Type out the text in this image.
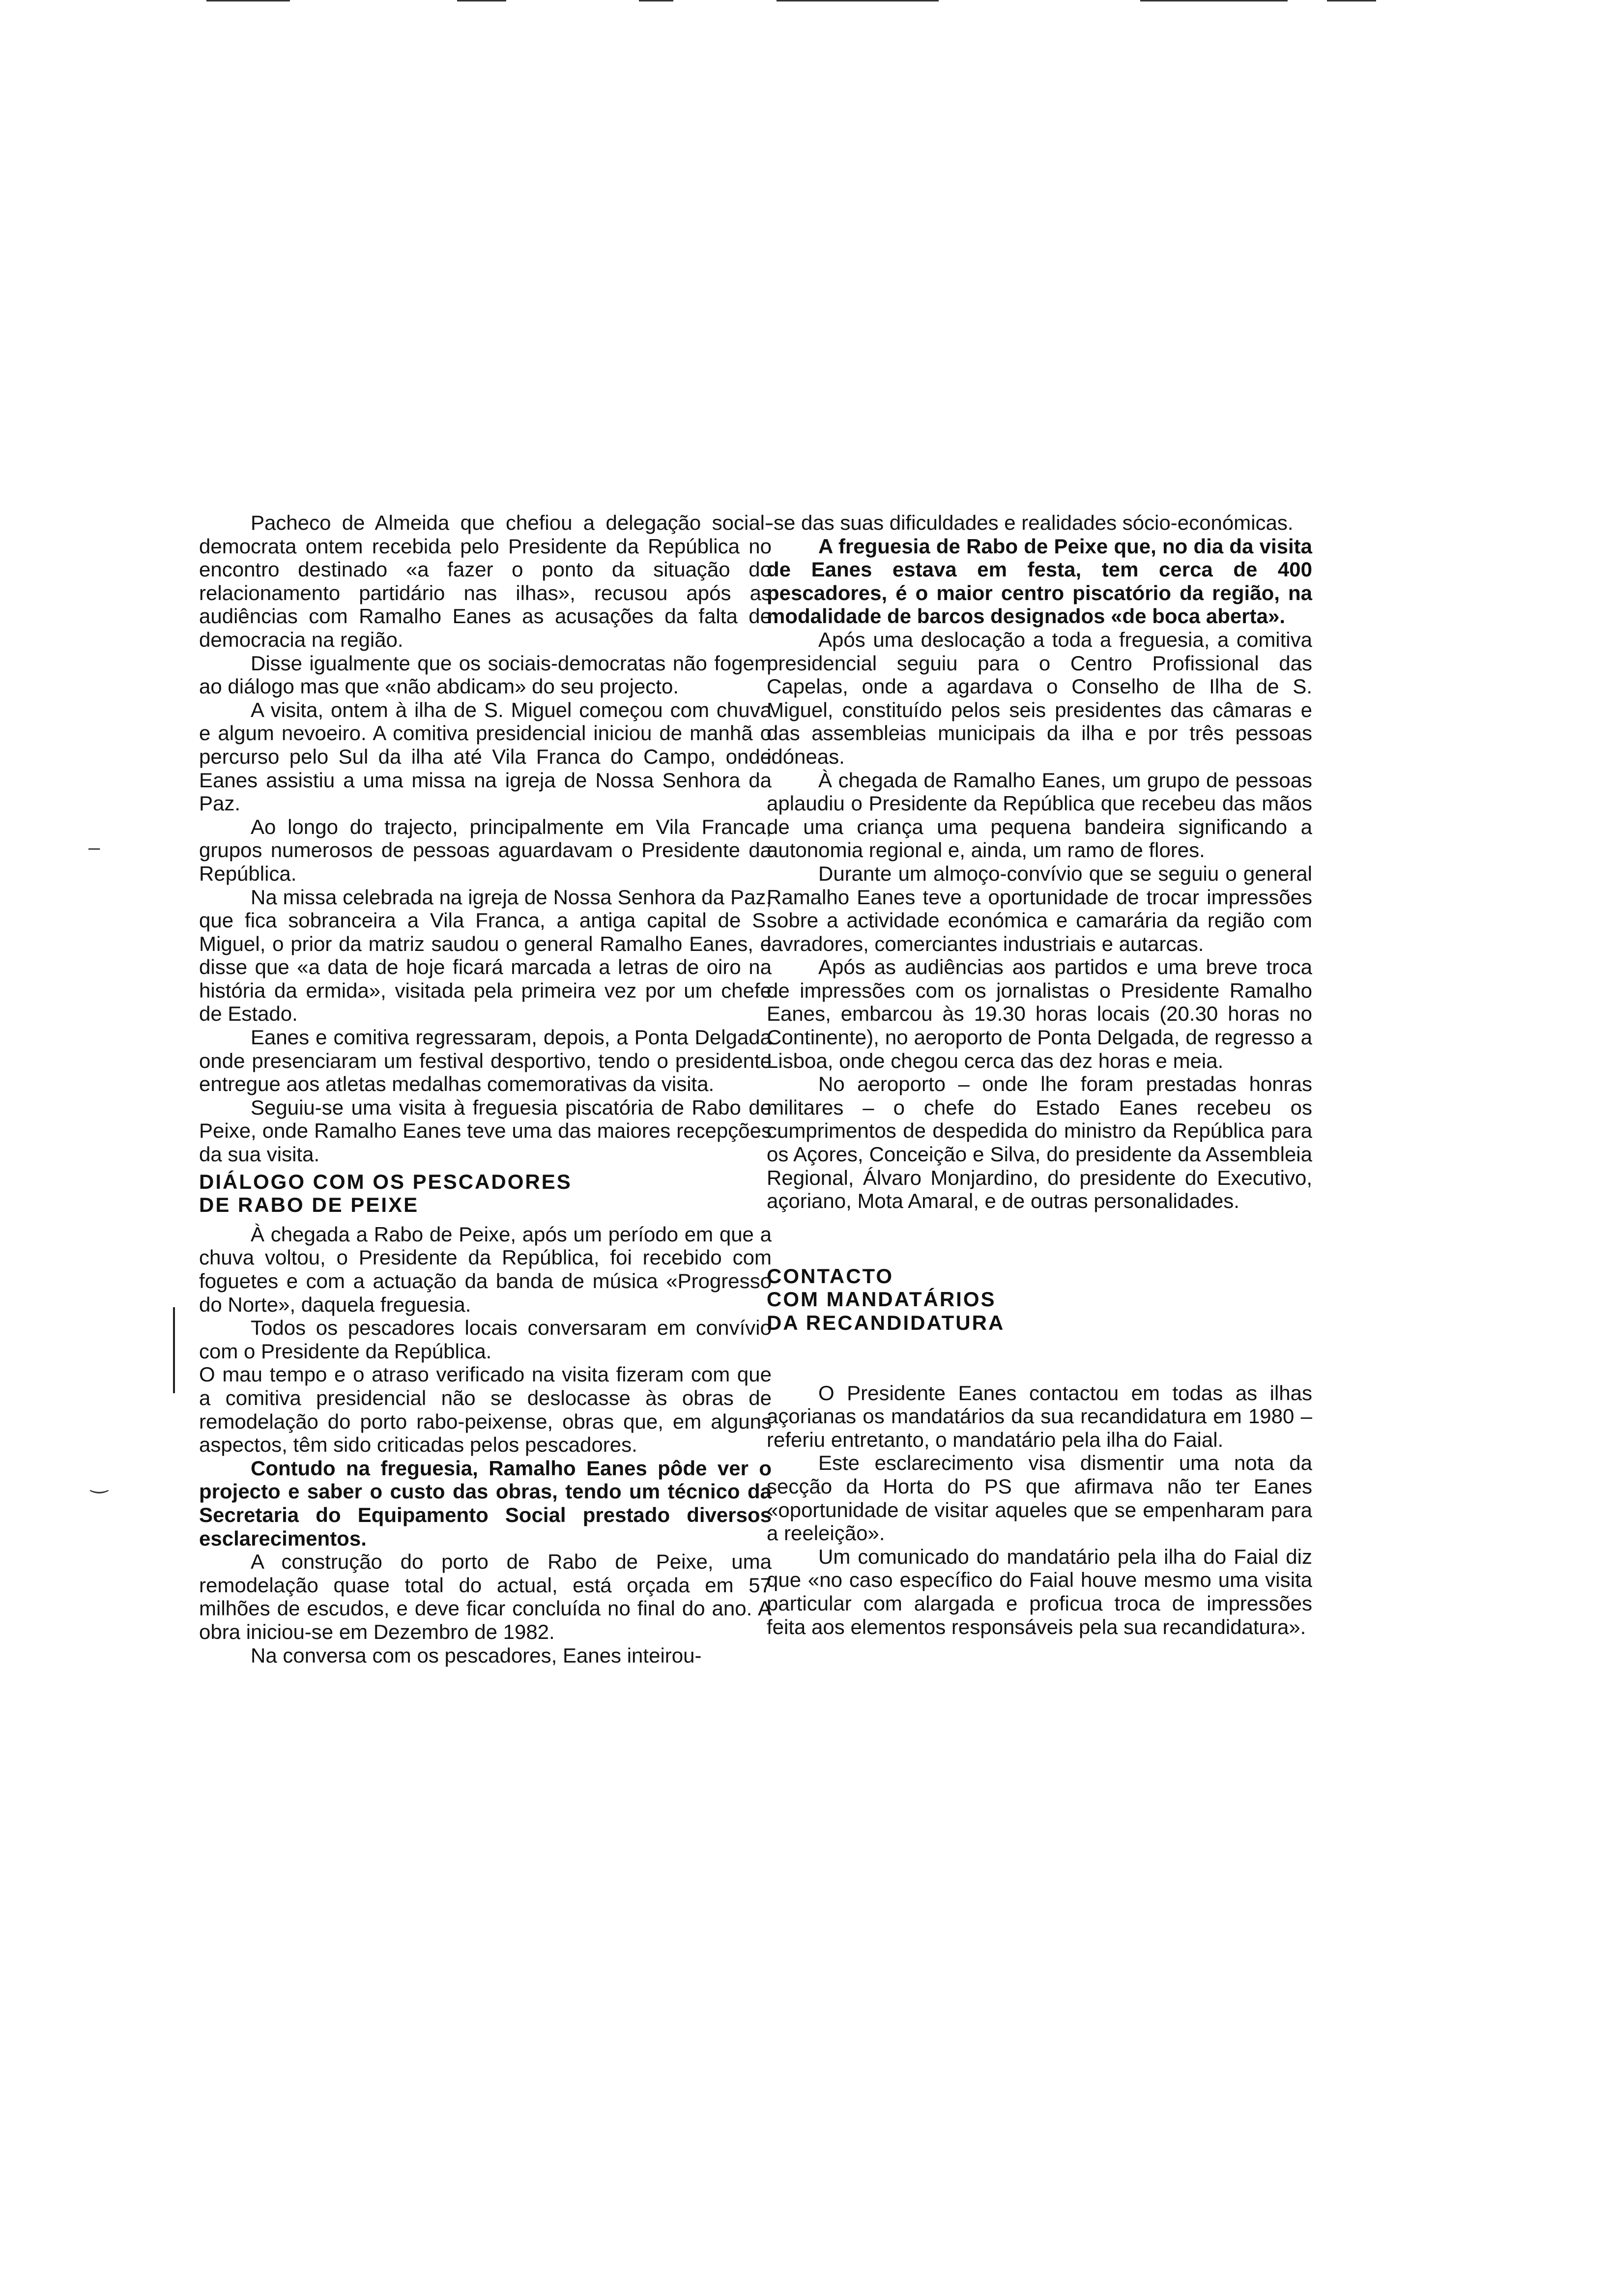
–
‿

Pacheco de Almeida que chefiou a delegação social-democrata ontem recebida pelo Presidente da República no encontro destinado «a fazer o ponto da situação do relacionamento partidário nas ilhas», recusou após as audiências com Ramalho Eanes as acusações da falta de democracia na região.

Disse igualmente que os sociais-democratas não fogem ao diálogo mas que «não abdicam» do seu projecto.

A visita, ontem à ilha de S. Miguel começou com chuva e algum nevoeiro. A comitiva presidencial iniciou de manhã o percurso pelo Sul da ilha até Vila Franca do Campo, onde Eanes assistiu a uma missa na igreja de Nossa Senhora da Paz.

Ao longo do trajecto, principalmente em Vila Franca, grupos numerosos de pessoas aguardavam o Presidente da República.

Na missa celebrada na igreja de Nossa Senhora da Paz, que fica sobranceira a Vila Franca, a antiga capital de S. Miguel, o prior da matriz saudou o general Ramalho Eanes, e disse que «a data de hoje ficará marcada a letras de oiro na história da ermida», visitada pela primeira vez por um chefe de Estado.

Eanes e comitiva regressaram, depois, a Ponta Delgada onde presenciaram um festival desportivo, tendo o presidente entregue aos atletas medalhas comemorativas da visita.

Seguiu-se uma visita à freguesia piscatória de Rabo de Peixe, onde Ramalho Eanes teve uma das maiores recepções da sua visita.

DIÁLOGO COM OS PESCADORES
DE RABO DE PEIXE

À chegada a Rabo de Peixe, após um período em que a chuva voltou, o Presidente da República, foi recebido com foguetes e com a actuação da banda de música «Progresso do Norte», daquela freguesia.

Todos os pescadores locais conversaram em convívio com o Presidente da República.

O mau tempo e o atraso verificado na visita fizeram com que a comitiva presidencial não se deslocasse às obras de remodelação do porto rabo-peixense, obras que, em alguns aspectos, têm sido criticadas pelos pescadores.

Contudo na freguesia, Ramalho Eanes pôde ver o projecto e saber o custo das obras, tendo um técnico da Secretaria do Equipamento Social prestado diversos esclarecimentos.

A construção do porto de Rabo de Peixe, uma remodelação quase total do actual, está orçada em 57 milhões de escudos, e deve ficar concluída no final do ano. A obra iniciou-se em Dezembro de 1982.

Na conversa com os pescadores, Eanes inteirou-

-se das suas dificuldades e realidades sócio-económicas.

A freguesia de Rabo de Peixe que, no dia da visita de Eanes estava em festa, tem cerca de 400 pescadores, é o maior centro piscatório da região, na modalidade de barcos designados «de boca aberta».

Após uma deslocação a toda a freguesia, a comitiva presidencial seguiu para o Centro Profissional das Capelas, onde a agardava o Conselho de Ilha de S. Miguel, constituído pelos seis presidentes das câmaras e das assembleias municipais da ilha e por três pessoas idóneas.

À chegada de Ramalho Eanes, um grupo de pessoas aplaudiu o Presidente da República que recebeu das mãos de uma criança uma pequena bandeira significando a autonomia regional e, ainda, um ramo de flores.

Durante um almoço-convívio que se seguiu o general Ramalho Eanes teve a oportunidade de trocar impressões sobre a actividade económica e camarária da região com lavradores, comerciantes industriais e autarcas.

Após as audiências aos partidos e uma breve troca de impressões com os jornalistas o Presidente Ramalho Eanes, embarcou às 19.30 horas locais (20.30 horas no Continente), no aeroporto de Ponta Delgada, de regresso a Lisboa, onde chegou cerca das dez horas e meia.

No aeroporto – onde lhe foram prestadas honras militares – o chefe do Estado Eanes recebeu os cumprimentos de despedida do ministro da República para os Açores, Conceição e Silva, do presidente da Assembleia Regional, Álvaro Monjardino, do presidente do Executivo, açoriano, Mota Amaral, e de outras personalidades.

CONTACTO
COM MANDATÁRIOS
DA RECANDIDATURA

O Presidente Eanes contactou em todas as ilhas açorianas os mandatários da sua recandidatura em 1980 – referiu entretanto, o mandatário pela ilha do Faial.

Este esclarecimento visa dismentir uma nota da secção da Horta do PS que afirmava não ter Eanes «oportunidade de visitar aqueles que se empenharam para a reeleição».

Um comunicado do mandatário pela ilha do Faial diz que «no caso específico do Faial houve mesmo uma visita particular com alargada e proficua troca de impressões feita aos elementos responsáveis pela sua recandidatura».
